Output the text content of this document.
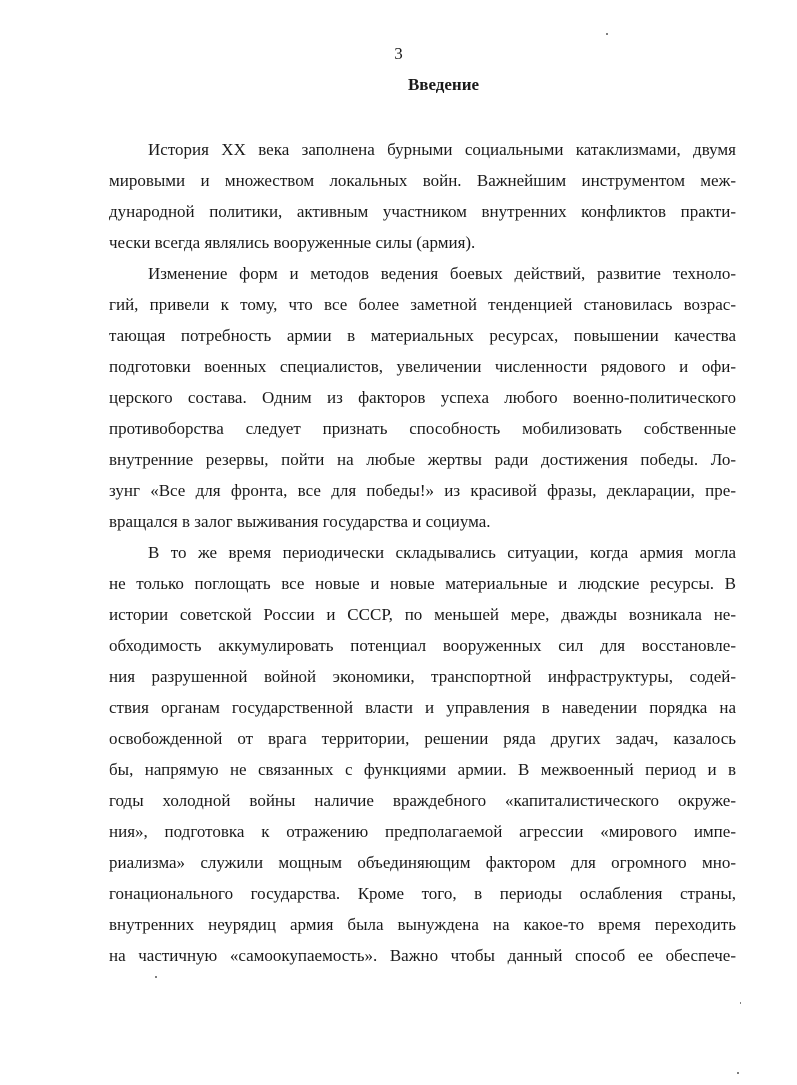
3
Введение
История XX века заполнена бурными социальными катаклизмами, двумя
мировыми и множеством локальных войн. Важнейшим инструментом меж-
дународной политики, активным участником внутренних конфликтов практи-
чески всегда являлись вооруженные силы (армия).
Изменение форм и методов ведения боевых действий, развитие техноло-
гий, привели к тому, что все более заметной тенденцией становилась возрас-
тающая потребность армии в материальных ресурсах, повышении качества
подготовки военных специалистов, увеличении численности рядового и офи-
церского состава. Одним из факторов успеха любого военно-политического
противоборства следует признать способность мобилизовать собственные
внутренние резервы, пойти на любые жертвы ради достижения победы. Ло-
зунг «Все для фронта, все для победы!» из красивой фразы, декларации, пре-
вращался в залог выживания государства и социума.
В то же время периодически складывались ситуации, когда армия могла
не только поглощать все новые и новые материальные и людские ресурсы. В
истории советской России и СССР, по меньшей мере, дважды возникала не-
обходимость аккумулировать потенциал вооруженных сил для восстановле-
ния разрушенной войной экономики, транспортной инфраструктуры, содей-
ствия органам государственной власти и управления в наведении порядка на
освобожденной от врага территории, решении ряда других задач, казалось
бы, напрямую не связанных с функциями армии. В межвоенный период и в
годы холодной войны наличие враждебного «капиталистического окруже-
ния», подготовка к отражению предполагаемой агрессии «мирового импе-
риализма» служили мощным объединяющим фактором для огромного мно-
гонационального государства. Кроме того, в периоды ослабления страны,
внутренних неурядиц армия была вынуждена на какое-то время переходить
на частичную «самоокупаемость». Важно чтобы данный способ ее обеспече-
